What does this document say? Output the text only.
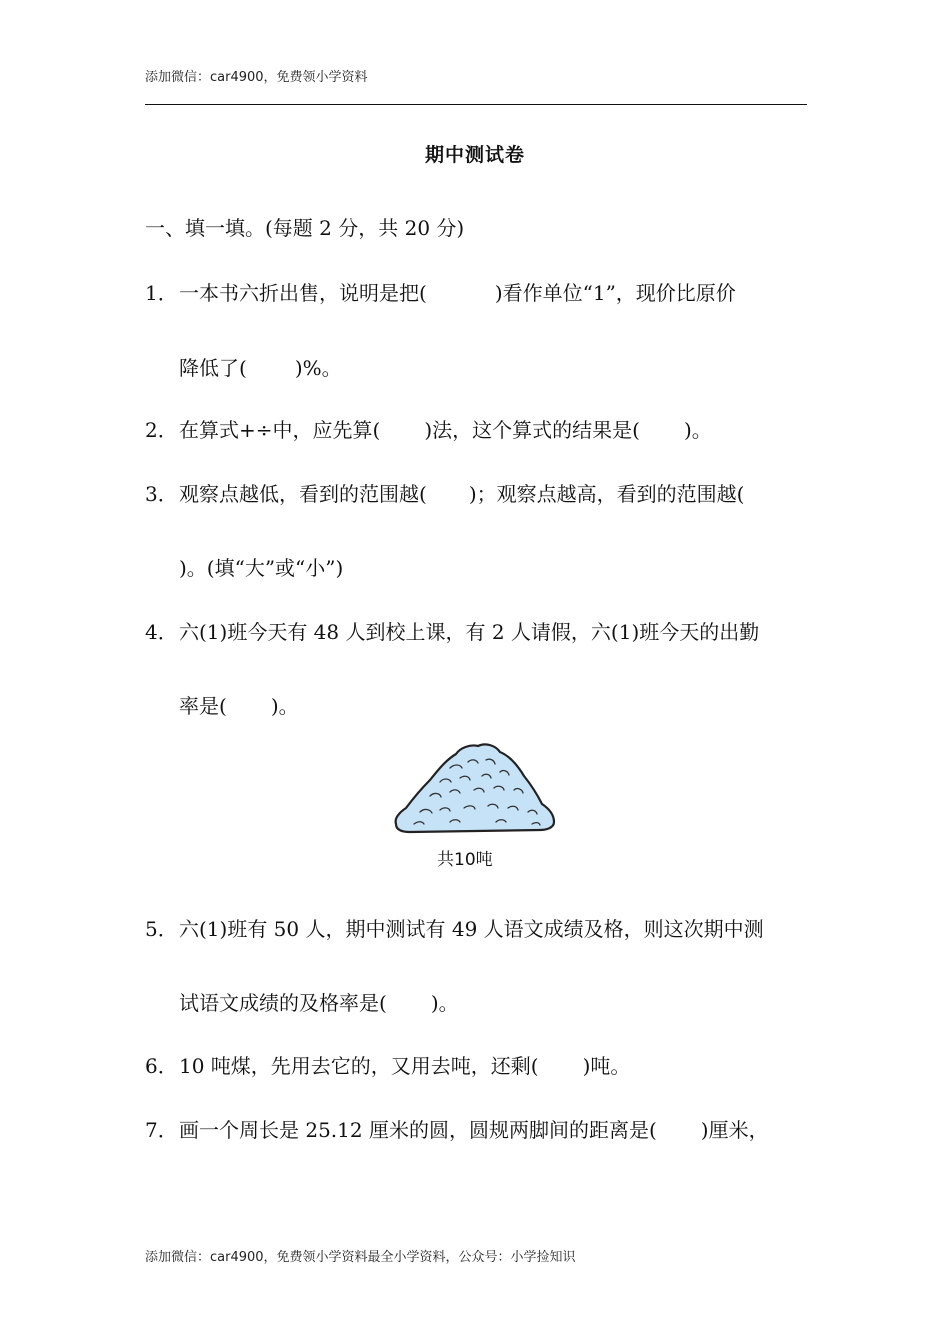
添加微信：car4900，免费领小学资料
期中测试卷
一、填一填。(每题 2 分，共 20 分)
1．一本书六折出售，说明是把(	)看作单位“1”，现价比原价
降低了( )%。
2．在算式+÷中，应先算( )法，这个算式的结果是( )。
3．观察点越低，看到的范围越( )；观察点越高，看到的范围越(
)。(填“大”或“小”)
4．六(1)班今天有 48 人到校上课，有 2 人请假，六(1)班今天的出勤
率是( )。
共10吨
5．六(1)班有 50 人，期中测试有 49 人语文成绩及格，则这次期中测
试语文成绩的及格率是( )。
6．10 吨煤，先用去它的，又用去吨，还剩( )吨。
7．画一个周长是 25.12 厘米的圆，圆规两脚间的距离是( )厘米，
添加微信：car4900，免费领小学资料最全小学资料，公众号：小学捡知识
